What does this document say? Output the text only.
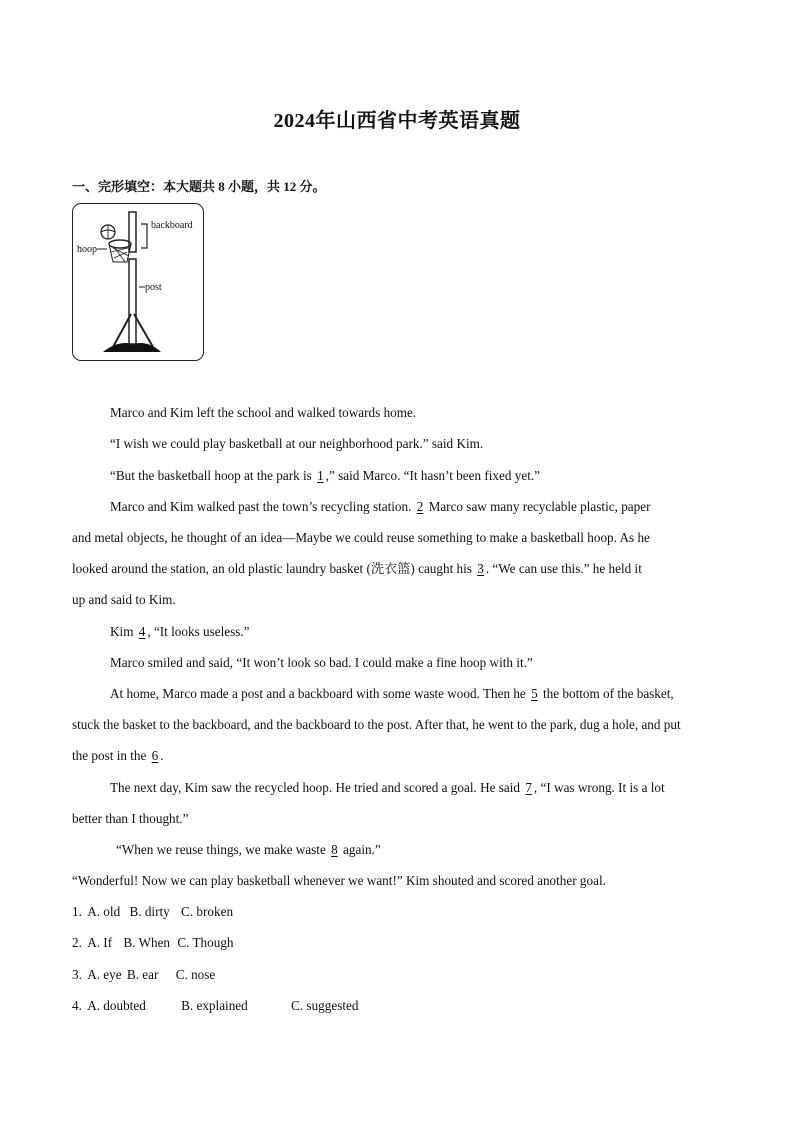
2024年山西省中考英语真题
一、完形填空：本大题共 8 小题，共 12 分。
backboard
hoop
post
Marco and Kim left the school and walked towards home.
“I wish we could play basketball at our neighborhood park.” said Kim.
“But the basketball hoop at the park is 1,” said Marco. “It hasn’t been fixed yet.”
Marco and Kim walked past the town’s recycling station. 2 Marco saw many recyclable plastic, paper
and metal objects, he thought of an idea—Maybe we could reuse something to make a basketball hoop. As he
looked around the station, an old plastic laundry basket (洗衣篮) caught his 3. “We can use this.” he held it
up and said to Kim.
Kim 4, “It looks useless.”
Marco smiled and said, “It won’t look so bad. I could make a fine hoop with it.”
At home, Marco made a post and a backboard with some waste wood. Then he 5 the bottom of the basket,
stuck the basket to the backboard, and the backboard to the post. After that, he went to the park, dug a hole, and put
the post in the 6.
The next day, Kim saw the recycled hoop. He tried and scored a goal. He said 7, “I was wrong. It is a lot
better than I thought.”
“When we reuse things, we make waste 8 again.”
“Wonderful! Now we can play basketball whenever we want!” Kim shouted and scored another goal.
1. A. old B. dirty C. broken
2. A. If B. When C. Though
3. A. eye B. ear C. nose
4. A. doubted	B. explained	C. suggested
